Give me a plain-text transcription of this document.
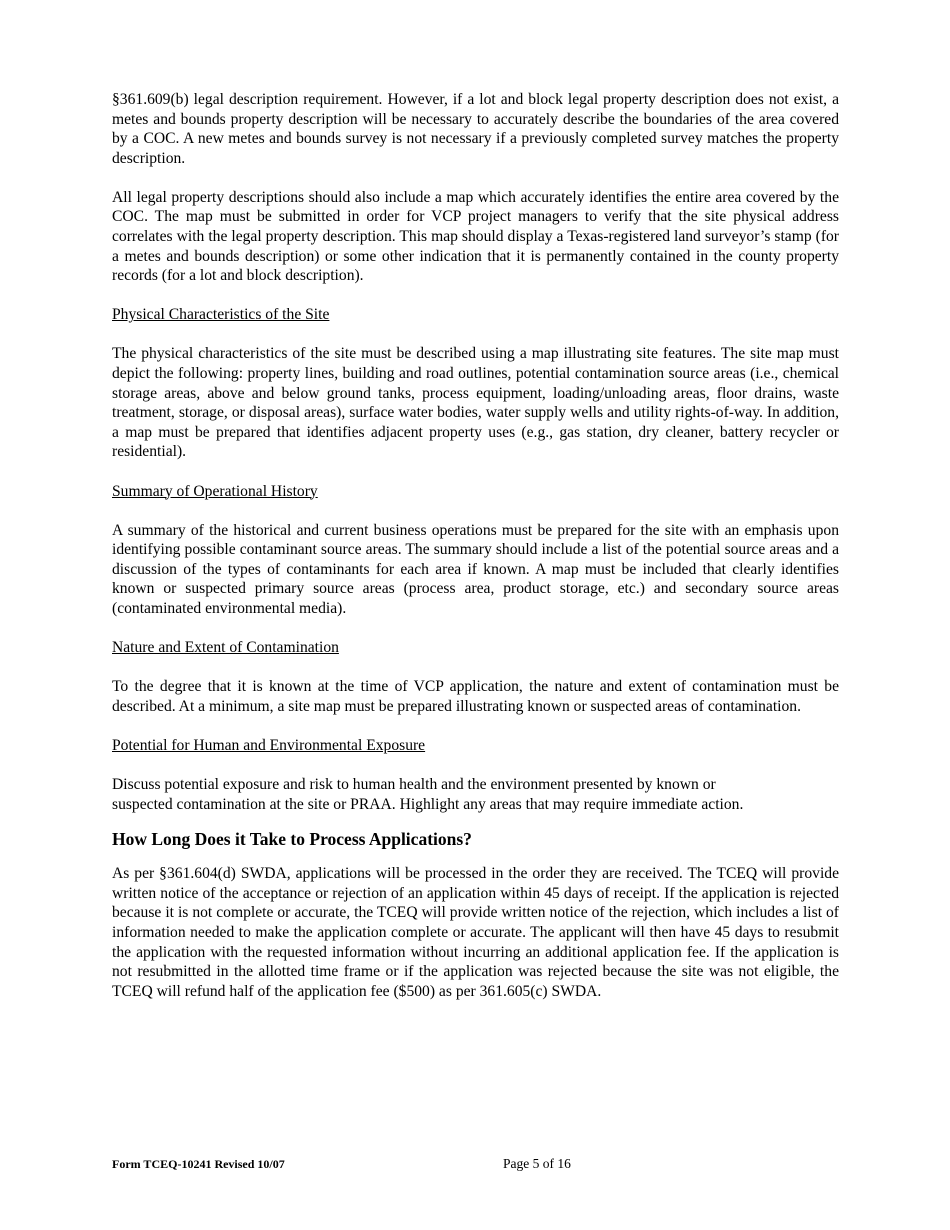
§361.609(b) legal description requirement. However, if a lot and block legal property description does not exist, a metes and bounds property description will be necessary to accurately describe the boundaries of the area covered by a COC. A new metes and bounds survey is not necessary if a previously completed survey matches the property description.

All legal property descriptions should also include a map which accurately identifies the entire area covered by the COC. The map must be submitted in order for VCP project managers to verify that the site physical address correlates with the legal property description. This map should display a Texas-registered land surveyor’s stamp (for a metes and bounds description) or some other indication that it is permanently contained in the county property records (for a lot and block description).

Physical Characteristics of the Site

The physical characteristics of the site must be described using a map illustrating site features. The site map must depict the following: property lines, building and road outlines, potential contamination source areas (i.e., chemical storage areas, above and below ground tanks, process equipment, loading/unloading areas, floor drains, waste treatment, storage, or disposal areas), surface water bodies, water supply wells and utility rights-of-way. In addition, a map must be prepared that identifies adjacent property uses (e.g., gas station, dry cleaner, battery recycler or residential).

Summary of Operational History

A summary of the historical and current business operations must be prepared for the site with an emphasis upon identifying possible contaminant source areas. The summary should include a list of the potential source areas and a discussion of the types of contaminants for each area if known. A map must be included that clearly identifies known or suspected primary source areas (process area, product storage, etc.) and secondary source areas (contaminated environmental media).

Nature and Extent of Contamination

To the degree that it is known at the time of VCP application, the nature and extent of contamination must be described. At a minimum, a site map must be prepared illustrating known or suspected areas of contamination.

Potential for Human and Environmental Exposure

Discuss potential exposure and risk to human health and the environment presented by known or
suspected contamination at the site or PRAA. Highlight any areas that may require immediate action.

How Long Does it Take to Process Applications?

As per §361.604(d) SWDA, applications will be processed in the order they are received. The TCEQ will provide written notice of the acceptance or rejection of an application within 45 days of receipt. If the application is rejected because it is not complete or accurate, the TCEQ will provide written notice of the rejection, which includes a list of information needed to make the application complete or accurate. The applicant will then have 45 days to resubmit the application with the requested information without incurring an additional application fee. If the application is not resubmitted in the allotted time frame or if the application was rejected because the site was not eligible, the TCEQ will refund half of the application fee ($500) as per 361.605(c) SWDA.

Form TCEQ-10241 Revised 10/07	Page 5 of 16
